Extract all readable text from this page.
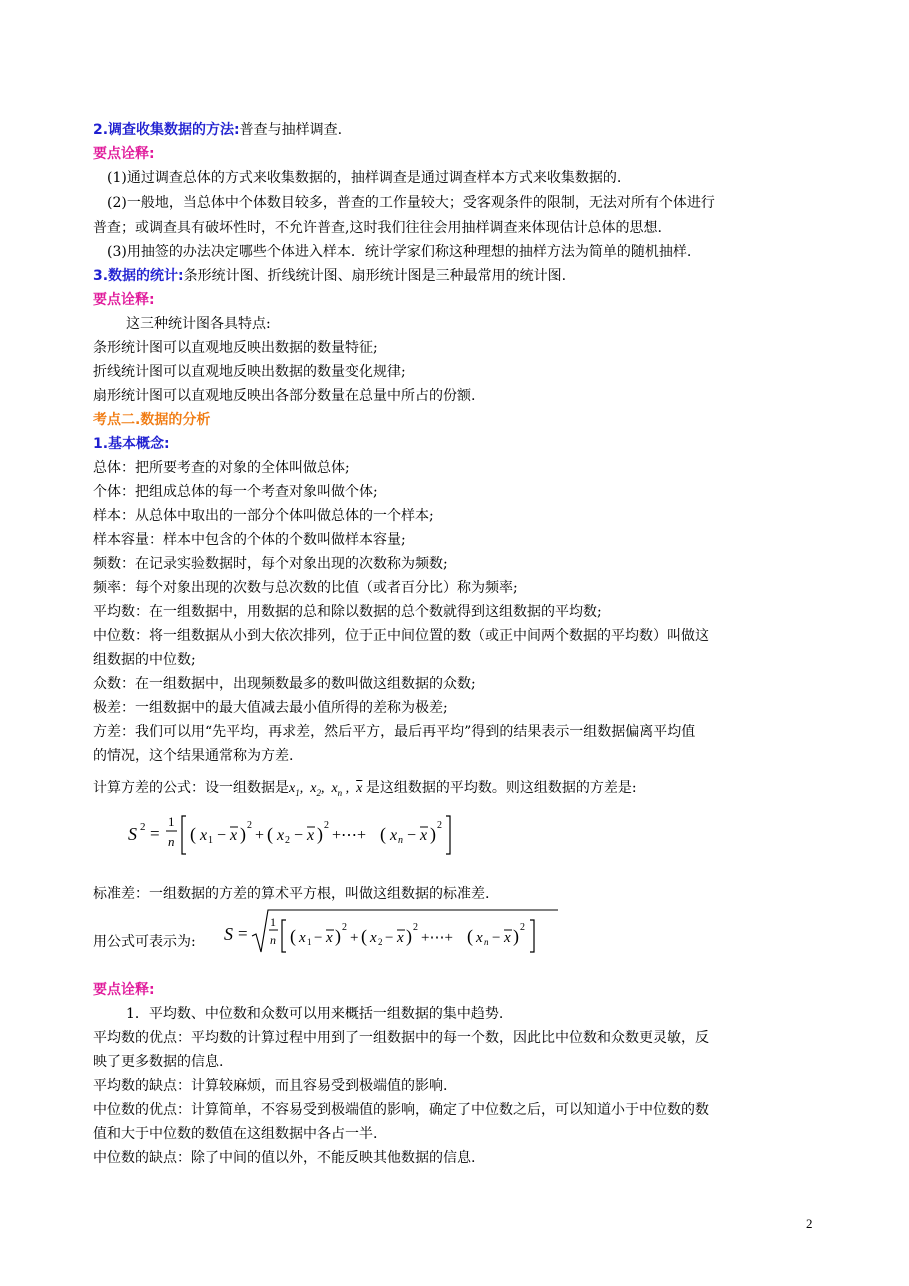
2.调查收集数据的方法:普查与抽样调查.
要点诠释:
(1)通过调查总体的方式来收集数据的，抽样调查是通过调查样本方式来收集数据的.
(2)一般地，当总体中个体数目较多，普查的工作量较大；受客观条件的限制，无法对所有个体进行
普查；或调查具有破坏性时，不允许普查,这时我们往往会用抽样调查来体现估计总体的思想.
(3)用抽签的办法决定哪些个体进入样本．统计学家们称这种理想的抽样方法为简单的随机抽样.
3.数据的统计:条形统计图、折线统计图、扇形统计图是三种最常用的统计图.
要点诠释:
这三种统计图各具特点:
条形统计图可以直观地反映出数据的数量特征;
折线统计图可以直观地反映出数据的数量变化规律;
扇形统计图可以直观地反映出各部分数量在总量中所占的份额.
考点二.数据的分析
1.基本概念:
总体：把所要考查的对象的全体叫做总体;
个体：把组成总体的每一个考查对象叫做个体;
样本：从总体中取出的一部分个体叫做总体的一个样本;
样本容量：样本中包含的个体的个数叫做样本容量;
频数：在记录实验数据时，每个对象出现的次数称为频数;
频率：每个对象出现的次数与总次数的比值（或者百分比）称为频率;
平均数：在一组数据中，用数据的总和除以数据的总个数就得到这组数据的平均数;
中位数：将一组数据从小到大依次排列，位于正中间位置的数（或正中间两个数据的平均数）叫做这
组数据的中位数;
众数：在一组数据中，出现频数最多的数叫做这组数据的众数;
极差：一组数据中的最大值减去最小值所得的差称为极差;
方差：我们可以用“先平均，再求差，然后平方，最后再平均”得到的结果表示一组数据偏离平均值
的情况，这个结果通常称为方差.
计算方差的公式：设一组数据是$x_1$,  $x_2$,  $x_n$ ,  $\overline{x}$ 是这组数据的平均数。则这组数据的方差是:
S 2 =
1
n ( x 1 − x ) 2
+ ( x 2 − x ) 2
+⋯+ ( x n − x ) 2
标准差：一组数据的方差的算术平方根，叫做这组数据的标准差.
用公式可表示为: S =
1
n ( x 1 − x ) 2
+ ( x 2 − x ) 2
+⋯+ ( x n − x ) 2
要点诠释:
1．平均数、中位数和众数可以用来概括一组数据的集中趋势.
平均数的优点：平均数的计算过程中用到了一组数据中的每一个数，因此比中位数和众数更灵敏，反
映了更多数据的信息.
平均数的缺点：计算较麻烦，而且容易受到极端值的影响.
中位数的优点：计算简单，不容易受到极端值的影响，确定了中位数之后，可以知道小于中位数的数
值和大于中位数的数值在这组数据中各占一半.
中位数的缺点：除了中间的值以外，不能反映其他数据的信息.
2
